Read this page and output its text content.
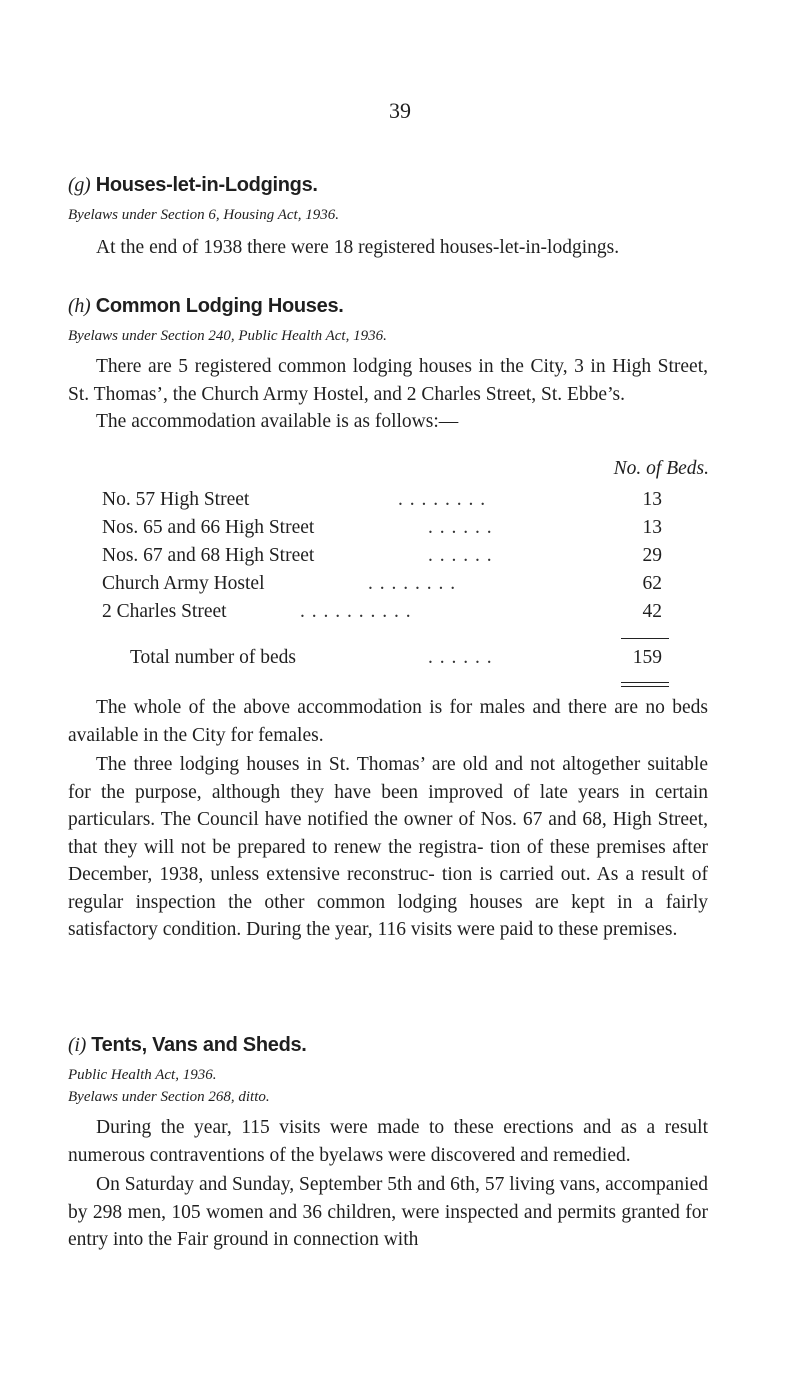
39
(g) Houses-let-in-Lodgings.
Byelaws under Section 6, Housing Act, 1936.
At the end of 1938 there were 18 registered houses-let-in-lodgings.
(h) Common Lodging Houses.
Byelaws under Section 240, Public Health Act, 1936.
There are 5 registered common lodging houses in the City, 3 in High Street, St. Thomas’, the Church Army Hostel, and 2 Charles Street, St. Ebbe’s.
The accommodation available is as follows:—
No. of Beds.
No. 57 High Street	. . . . . . . .	13
Nos. 65 and 66 High Street	. . . . . .	13
Nos. 67 and 68 High Street	. . . . . .	29
Church Army Hostel	. . . . . . . .	62
2 Charles Street	. . . . . . . . . .	42
Total number of beds	. . . . . .	159
The whole of the above accommodation is for males and there are no beds available in the City for females.
The three lodging houses in St. Thomas’ are old and not altogether suitable for the purpose, although they have been improved of late years in certain particulars. The Council have notified the owner of Nos. 67 and 68, High Street, that they will not be prepared to renew the registra- tion of these premises after December, 1938, unless extensive reconstruc- tion is carried out. As a result of regular inspection the other common lodging houses are kept in a fairly satisfactory condition. During the year, 116 visits were paid to these premises.
(i) Tents, Vans and Sheds.
Public Health Act, 1936.
Byelaws under Section 268, ditto.
During the year, 115 visits were made to these erections and as a result numerous contraventions of the byelaws were discovered and remedied.
On Saturday and Sunday, September 5th and 6th, 57 living vans, accompanied by 298 men, 105 women and 36 children, were inspected and permits granted for entry into the Fair ground in connection with
